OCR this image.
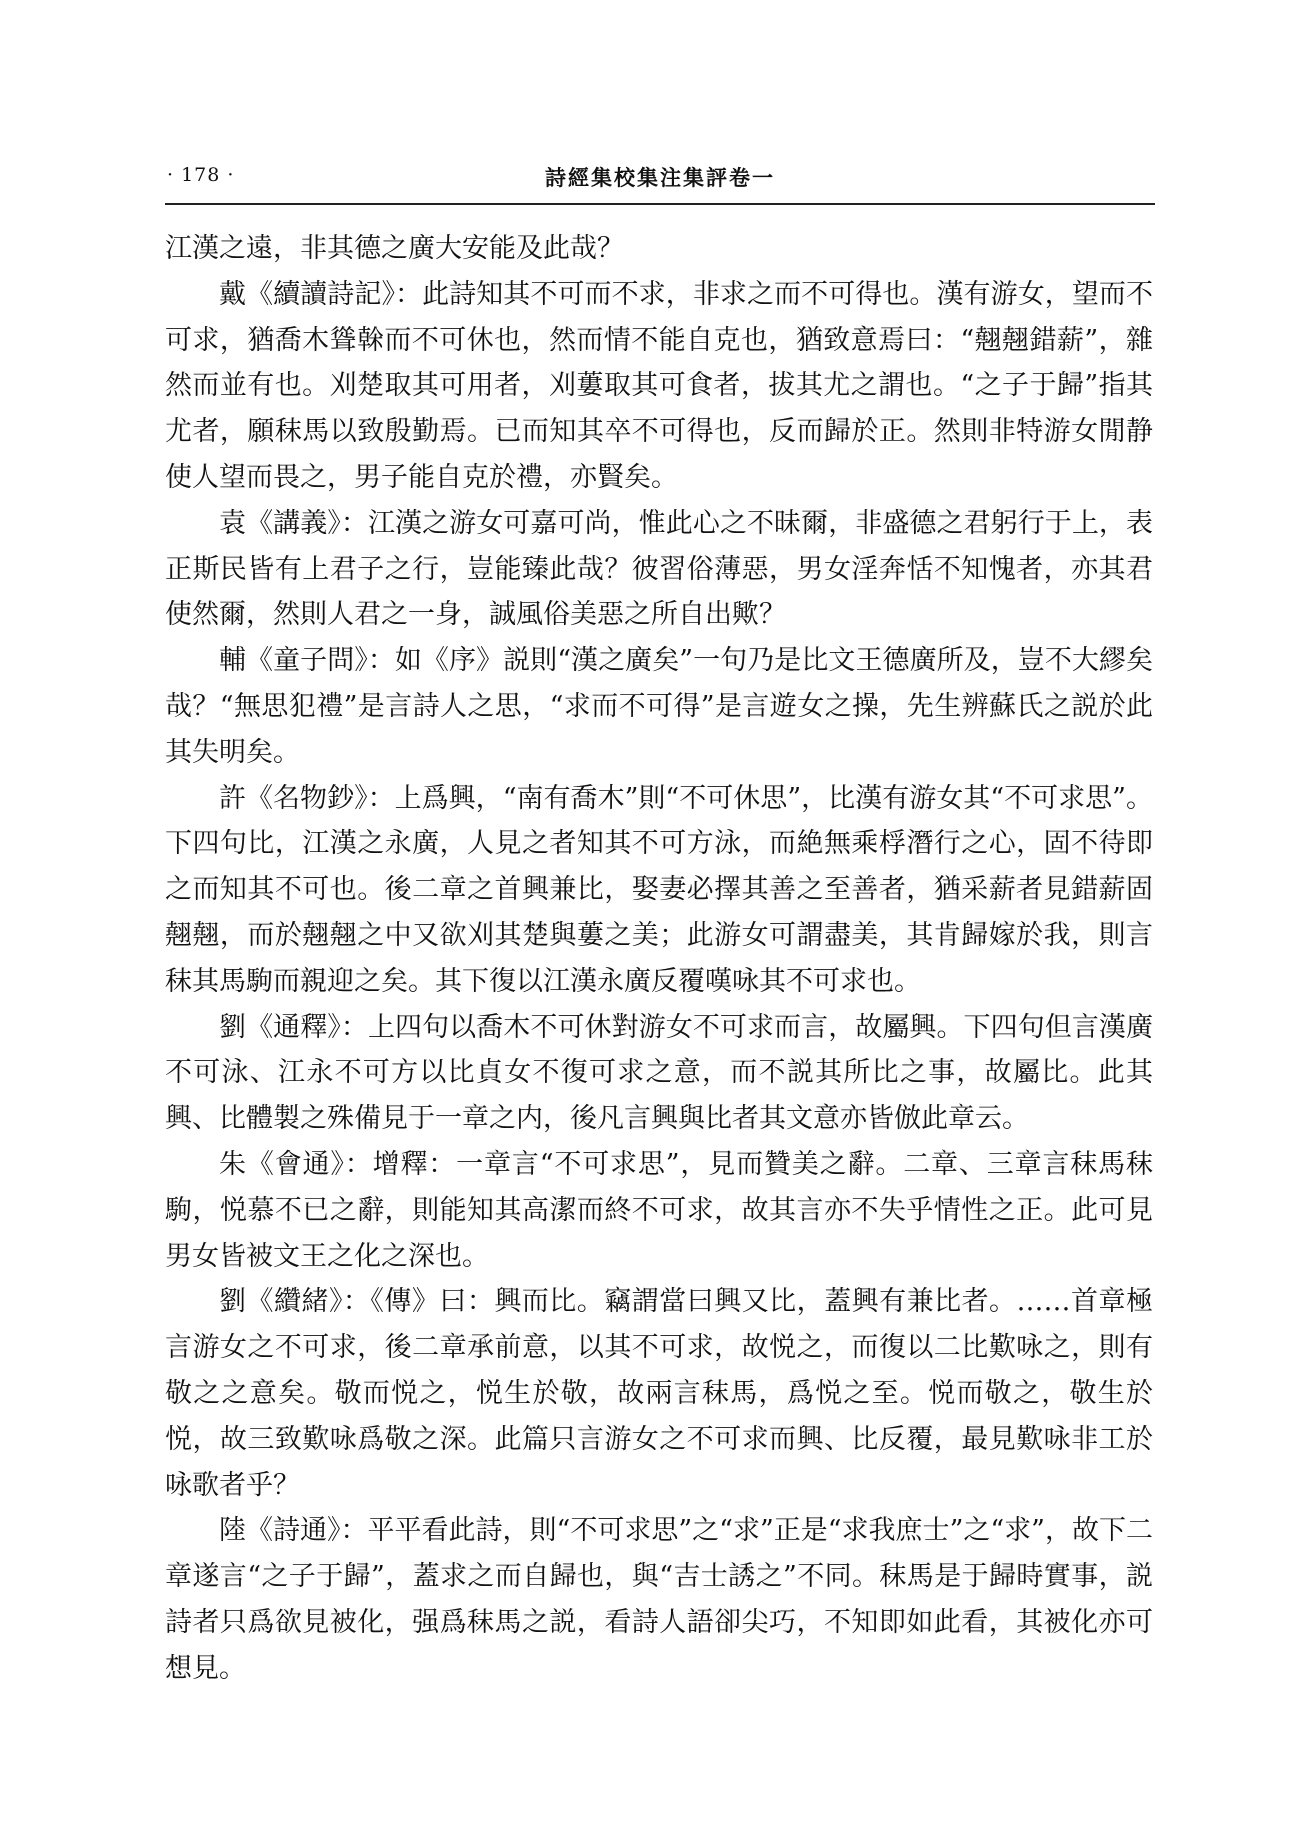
· 178 ·	詩經集校集注集評卷一

江漢之遠，非其德之廣大安能及此哉？

戴《續讀詩記》：此詩知其不可而不求，非求之而不可得也。漢有游女，望而不可求，猶喬木聳榦而不可休也，然而情不能自克也，猶致意焉曰：“翹翹錯薪”，雜然而並有也。刈楚取其可用者，刈蔞取其可食者，拔其尤之謂也。“之子于歸”指其尤者，願秣馬以致殷勤焉。已而知其卒不可得也，反而歸於正。然則非特游女閒静使人望而畏之，男子能自克於禮，亦賢矣。

袁《講義》：江漢之游女可嘉可尚，惟此心之不昧爾，非盛德之君躬行于上，表正斯民皆有上君子之行，豈能臻此哉？彼習俗薄惡，男女淫奔恬不知愧者，亦其君使然爾，然則人君之一身，誠風俗美惡之所自出歟？

輔《童子問》：如《序》説則“漢之廣矣”一句乃是比文王德廣所及，豈不大繆矣哉？“無思犯禮”是言詩人之思，“求而不可得”是言遊女之操，先生辨蘇氏之説於此其失明矣。

許《名物鈔》：上爲興，“南有喬木”則“不可休思”，比漢有游女其“不可求思”。下四句比，江漢之永廣，人見之者知其不可方泳，而絶無乘桴潛行之心，固不待即之而知其不可也。後二章之首興兼比，娶妻必擇其善之至善者，猶采薪者見錯薪固翹翹，而於翹翹之中又欲刈其楚與蔞之美；此游女可謂盡美，其肯歸嫁於我，則言秣其馬駒而親迎之矣。其下復以江漢永廣反覆嘆咏其不可求也。

劉《通釋》：上四句以喬木不可休對游女不可求而言，故屬興。下四句但言漢廣不可泳、江永不可方以比貞女不復可求之意，而不説其所比之事，故屬比。此其興、比體製之殊備見于一章之内，後凡言興與比者其文意亦皆倣此章云。

朱《會通》：增釋：一章言“不可求思”，見而贊美之辭。二章、三章言秣馬秣駒，悦慕不已之辭，則能知其高潔而終不可求，故其言亦不失乎情性之正。此可見男女皆被文王之化之深也。

劉《纘緒》：《傳》曰：興而比。竊謂當曰興又比，蓋興有兼比者。……首章極言游女之不可求，後二章承前意，以其不可求，故悦之，而復以二比歎咏之，則有敬之之意矣。敬而悦之，悦生於敬，故兩言秣馬，爲悦之至。悦而敬之，敬生於悦，故三致歎咏爲敬之深。此篇只言游女之不可求而興、比反覆，最見歎咏非工於咏歌者乎？

陸《詩通》：平平看此詩，則“不可求思”之“求”正是“求我庶士”之“求”，故下二章遂言“之子于歸”，蓋求之而自歸也，與“吉士誘之”不同。秣馬是于歸時實事，説詩者只爲欲見被化，强爲秣馬之説，看詩人語卻尖巧，不知即如此看，其被化亦可想見。
